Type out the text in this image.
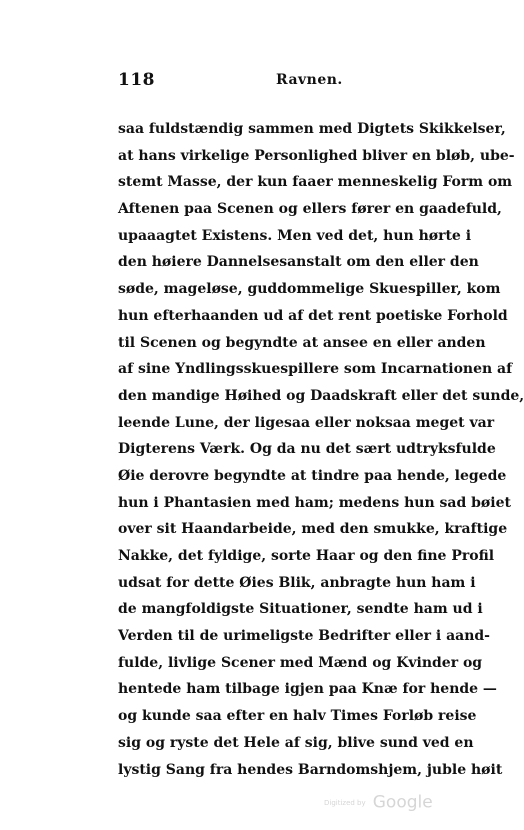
118	Ravnen.
saa fuldstændig sammen med Digtets Skikkelser,
at hans virkelige Personlighed bliver en bløb, ube-
stemt Masse, der kun faaer menneskelig Form om
Aftenen paa Scenen og ellers fører en gaadefuld,
upaaagtet Existens. Men ved det, hun hørte i
den høiere Dannelsesanstalt om den eller den
søde, mageløse, guddommelige Skuespiller, kom
hun efterhaanden ud af det rent poetiske Forhold
til Scenen og begyndte at ansee en eller anden
af sine Yndlingsskuespillere som Incarnationen af
den mandige Høihed og Daadskraft eller det sunde,
leende Lune, der ligesaa eller noksaa meget var
Digterens Værk. Og da nu det sært udtryksfulde
Øie derovre begyndte at tindre paa hende, legede
hun i Phantasien med ham; medens hun sad bøiet
over sit Haandarbeide, med den smukke, kraftige
Nakke, det fyldige, sorte Haar og den fine Profil
udsat for dette Øies Blik, anbragte hun ham i
de mangfoldigste Situationer, sendte ham ud i
Verden til de urimeligste Bedrifter eller i aand-
fulde, livlige Scener med Mænd og Kvinder og
hentede ham tilbage igjen paa Knæ for hende —
og kunde saa efter en halv Times Forløb reise
sig og ryste det Hele af sig, blive sund ved en
lystig Sang fra hendes Barndomshjem, juble høit
Digitized by Google
